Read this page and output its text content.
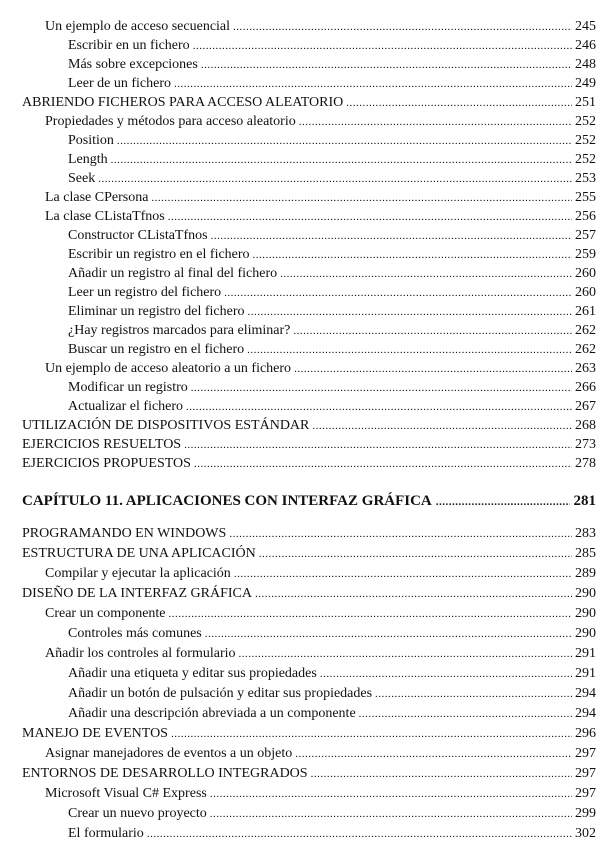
Un ejemplo de acceso secuencial .....	245
Escribir en un fichero .....	246
Más sobre excepciones .....	248
Leer de un fichero .....	249
ABRIENDO FICHEROS PARA ACCESO ALEATORIO .....	251
Propiedades y métodos para acceso aleatorio .....	252
Position .....	252
Length .....	252
Seek .....	253
La clase CPersona .....	255
La clase CListaTfnos .....	256
Constructor CListaTfnos .....	257
Escribir un registro en el fichero .....	259
Añadir un registro al final del fichero .....	260
Leer un registro del fichero .....	260
Eliminar un registro del fichero .....	261
¿Hay registros marcados para eliminar? .....	262
Buscar un registro en el fichero .....	262
Un ejemplo de acceso aleatorio a un fichero .....	263
Modificar un registro .....	266
Actualizar el fichero .....	267
UTILIZACIÓN DE DISPOSITIVOS ESTÁNDAR .....	268
EJERCICIOS RESUELTOS .....	273
EJERCICIOS PROPUESTOS .....	278
CAPÍTULO 11. APLICACIONES CON INTERFAZ GRÁFICA .....	281
PROGRAMANDO EN WINDOWS .....	283
ESTRUCTURA DE UNA APLICACIÓN .....	285
Compilar y ejecutar la aplicación .....	289
DISEÑO DE LA INTERFAZ GRÁFICA .....	290
Crear un componente .....	290
Controles más comunes .....	290
Añadir los controles al formulario .....	291
Añadir una etiqueta y editar sus propiedades .....	291
Añadir un botón de pulsación y editar sus propiedades .....	294
Añadir una descripción abreviada a un componente .....	294
MANEJO DE EVENTOS .....	296
Asignar manejadores de eventos a un objeto .....	297
ENTORNOS DE DESARROLLO INTEGRADOS .....	297
Microsoft Visual C# Express .....	297
Crear un nuevo proyecto .....	299
El formulario .....	302
